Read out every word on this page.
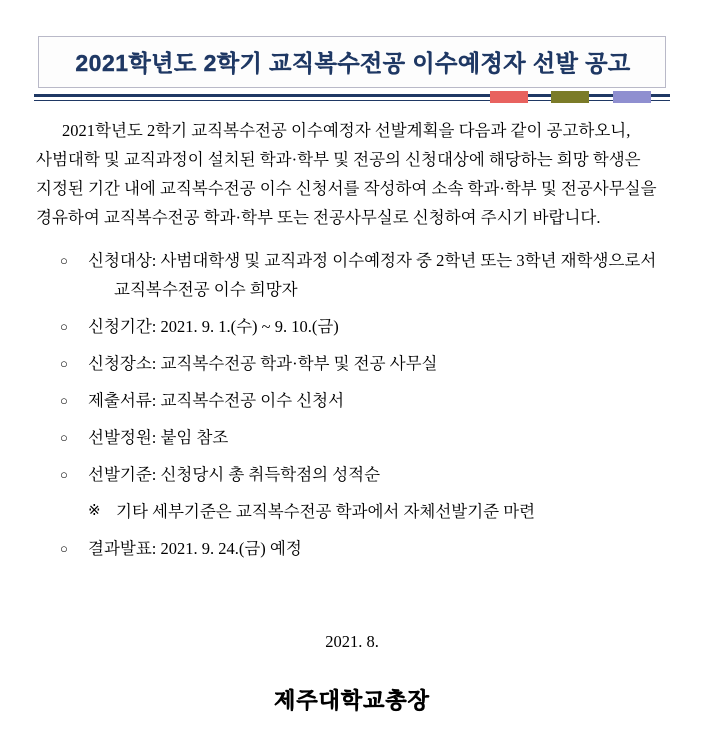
2021학년도 2학기 교직복수전공 이수예정자 선발 공고

2021학년도 2학기 교직복수전공 이수예정자 선발계획을 다음과 같이 공고하오니,

사범대학 및 교직과정이 설치된 학과·학부 및 전공의 신청대상에 해당하는 희망 학생은

지정된 기간 내에 교직복수전공 이수 신청서를 작성하여 소속 학과·학부 및 전공사무실을

경유하여 교직복수전공 학과·학부 또는 전공사무실로 신청하여 주시기 바랍니다.

○ 신청대상: 사범대학생 및 교직과정 이수예정자 중 2학년 또는 3학년 재학생으로서
교직복수전공 이수 희망자
○ 신청기간: 2021. 9. 1.(수) ~ 9. 10.(금)
○ 신청장소: 교직복수전공 학과·학부 및 전공 사무실
○ 제출서류: 교직복수전공 이수 신청서
○ 선발정원: 붙임 참조
○ 선발기준: 신청당시 총 취득학점의 성적순
※ 기타 세부기준은 교직복수전공 학과에서 자체선발기준 마련
○ 결과발표: 2021. 9. 24.(금) 예정
2021. 8.
제주대학교총장
